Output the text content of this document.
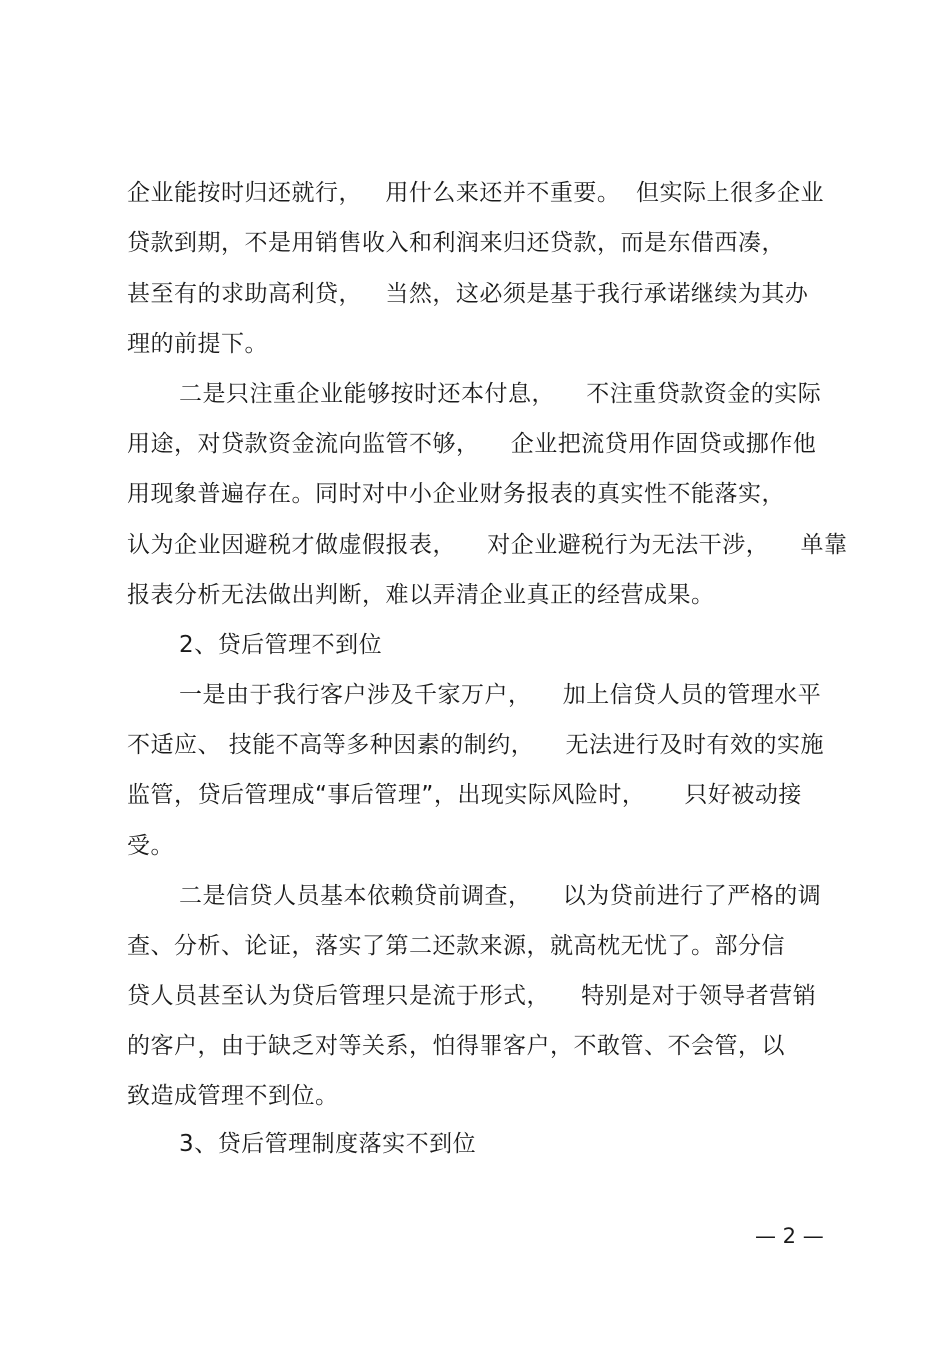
企业能按时归还就行，   用什么来还并不重要。  但实际上很多企业
贷款到期，不是用销售收入和利润来归还贷款，而是东借西凑，
甚至有的求助高利贷，   当然，这必须是基于我行承诺继续为其办
理的前提下。
二是只注重企业能够按时还本付息，    不注重贷款资金的实际
用途，对贷款资金流向监管不够，    企业把流贷用作固贷或挪作他
用现象普遍存在。同时对中小企业财务报表的真实性不能落实，
认为企业因避税才做虚假报表，    对企业避税行为无法干涉，    单靠
报表分析无法做出判断，难以弄清企业真正的经营成果。
2、贷后管理不到位
一是由于我行客户涉及千家万户，    加上信贷人员的管理水平
不适应、 技能不高等多种因素的制约，    无法进行及时有效的实施
监管，贷后管理成“事后管理”，出现实际风险时，     只好被动接
受。
二是信贷人员基本依赖贷前调查，    以为贷前进行了严格的调
查、分析、论证，落实了第二还款来源，就高枕无忧了。部分信
贷人员甚至认为贷后管理只是流于形式，    特别是对于领导者营销
的客户，由于缺乏对等关系，怕得罪客户，不敢管、不会管，以
致造成管理不到位。
3、贷后管理制度落实不到位
— 2 —
